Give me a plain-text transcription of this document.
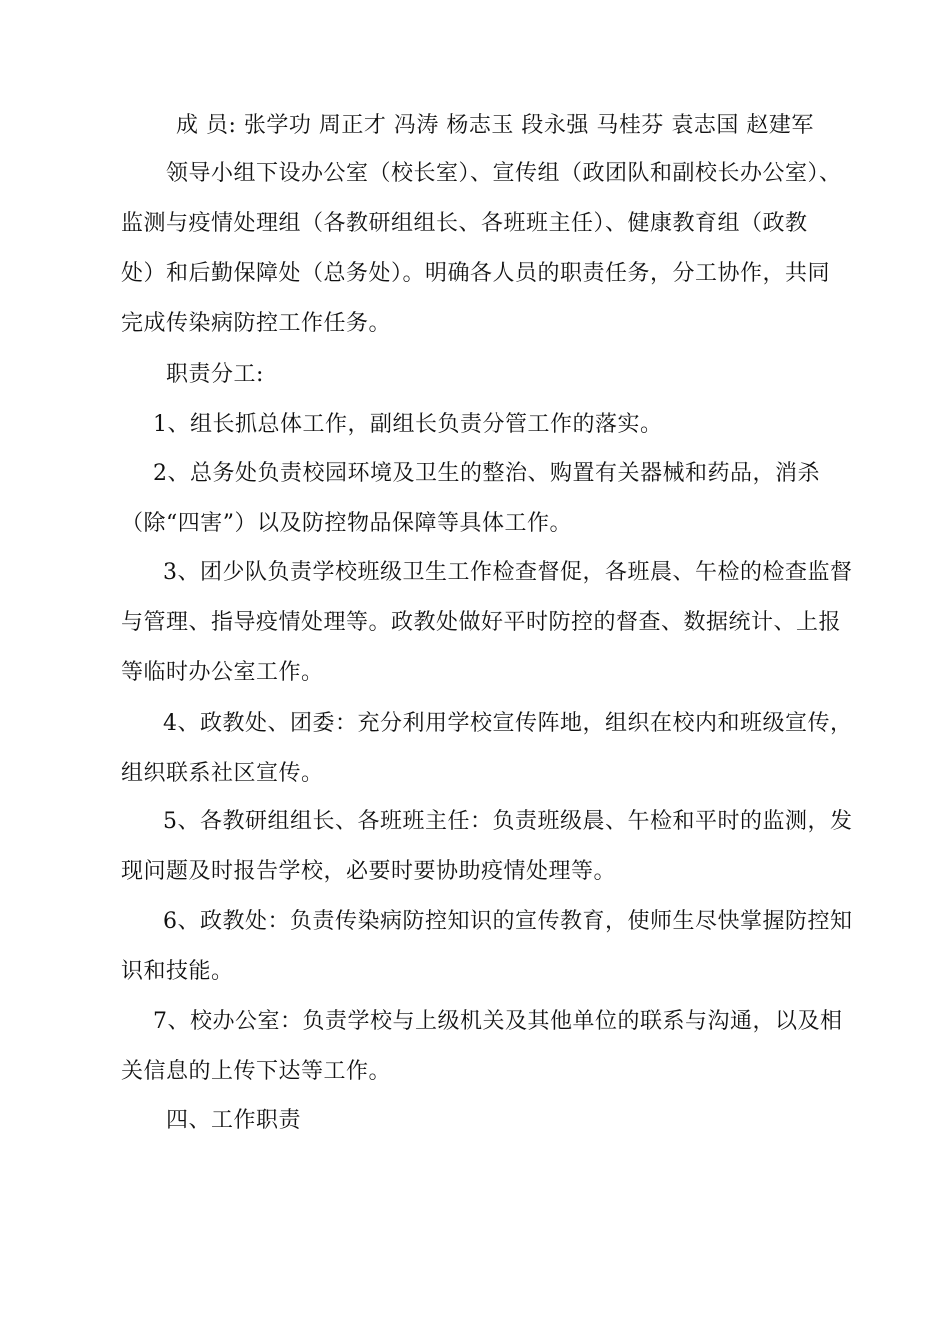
成 员: 张学功 周正才 冯涛 杨志玉 段永强 马桂芬 袁志国 赵建军
领导小组下设办公室（校长室）、宣传组（政团队和副校长办公室）、
监测与疫情处理组（各教研组组长、各班班主任）、健康教育组（政教
处）和后勤保障处（总务处）。明确各人员的职责任务，分工协作，共同
完成传染病防控工作任务。
职责分工:
1、组长抓总体工作，副组长负责分管工作的落实。
2、总务处负责校园环境及卫生的整治、购置有关器械和药品，消杀
（除“四害”）以及防控物品保障等具体工作。
3、团少队负责学校班级卫生工作检查督促，各班晨、午检的检查监督
与管理、指导疫情处理等。政教处做好平时防控的督查、数据统计、上报
等临时办公室工作。
4、政教处、团委：充分利用学校宣传阵地，组织在校内和班级宣传，
组织联系社区宣传。
5、各教研组组长、各班班主任：负责班级晨、午检和平时的监测，发
现问题及时报告学校，必要时要协助疫情处理等。
6、政教处：负责传染病防控知识的宣传教育，使师生尽快掌握防控知
识和技能。
7、校办公室：负责学校与上级机关及其他单位的联系与沟通，以及相
关信息的上传下达等工作。
四、工作职责
